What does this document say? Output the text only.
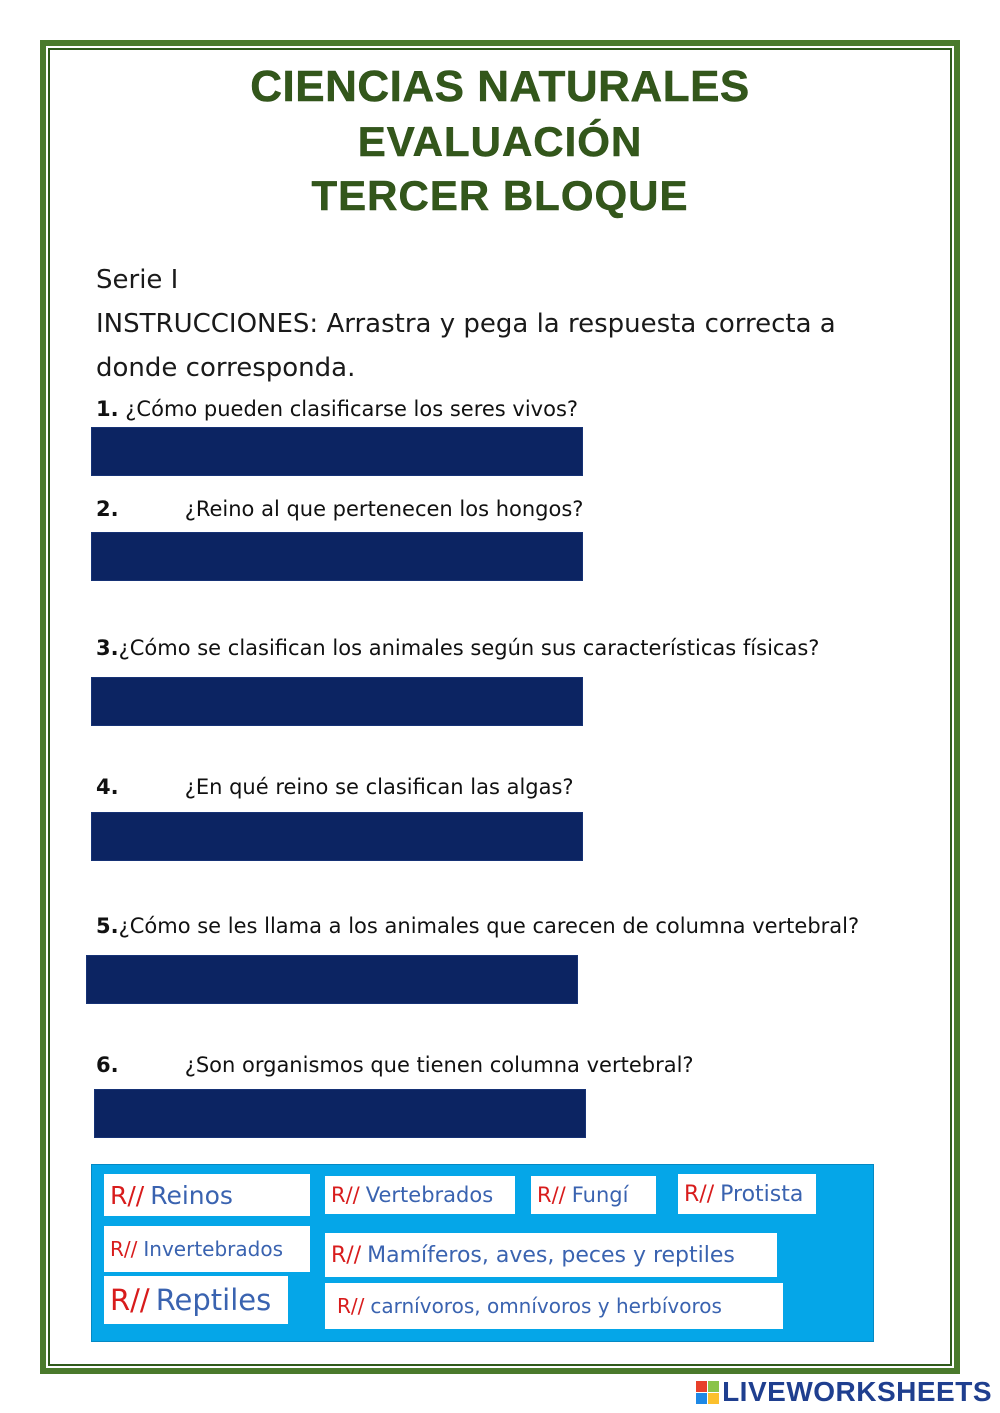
CIENCIAS NATURALES
EVALUACIÓN
TERCER BLOQUE
Serie I
INSTRUCCIONES: Arrastra y pega la respuesta correcta a
donde corresponda.
1. ¿Cómo pueden clasificarse los seres vivos?
2.	¿Reino al que pertenecen los hongos?
3.¿Cómo se clasifican los animales según sus características físicas?
4.	¿En qué reino se clasifican las algas?
5.¿Cómo se les llama a los animales que carecen de columna vertebral?
6.	¿Son organismos que tienen columna vertebral?
R// Reinos	R// Vertebrados R// Fungí	R// Protista
R// Invertebrados R// Mamíferos, aves, peces y reptiles
R// Reptiles	R// carnívoros, omnívoros y herbívoros
LIVEWORKSHEETS
